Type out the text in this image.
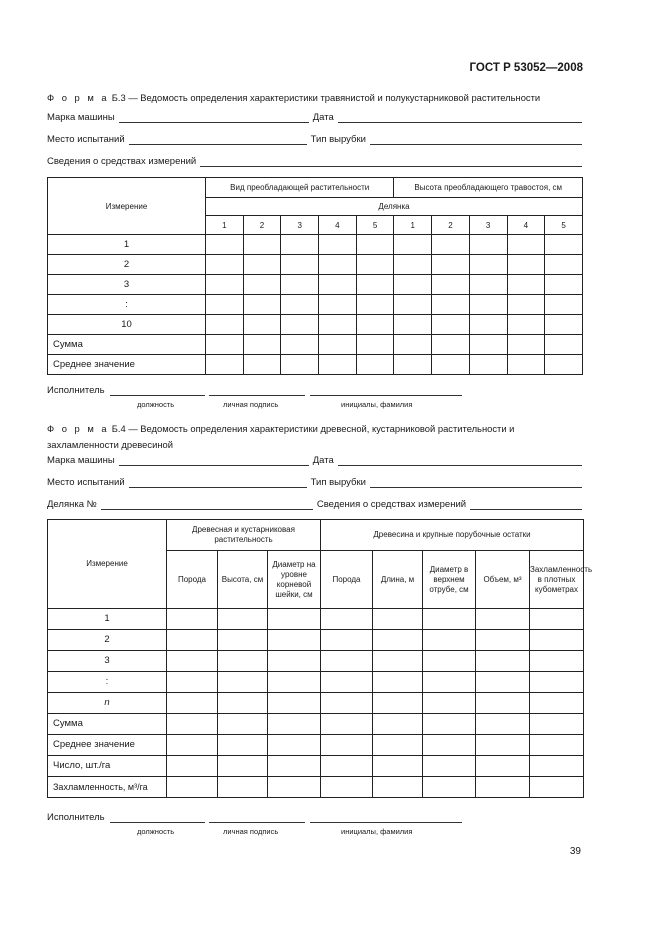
ГОСТ Р 53052—2008
Ф о р м а Б.3 — Ведомость определения характеристики травянистой и полукустарниковой растительности
Марка машины	Дата
Место испытаний	Тип вырубки
Сведения о средствах измерений
Измерение	Вид преобладающей растительности					Высота преобладающего травостоя, см				
	Делянка									
	1	2	3	4	5	1	2	3	4	5
1										
2										
3										
:										
10										
Сумма										
Среднее значение										
Исполнитель
должность	личная подпись	инициалы, фамилия
Ф о р м а Б.4 — Ведомость определения характеристики древесной, кустарниковой растительности и захламленности древесиной
Марка машины	Дата
Место испытаний	Тип вырубки
Делянка №	Сведения о средствах измерений
Измерение	Древесная и кустарниковая растительность			Древесина и крупные порубочные остатки				
	Порода	Высота, см	Диаметр на уровне корневой шейки, см	Порода	Длина, м	Диаметр в верхнем отрубе, см	Объем, м³	Захламленность в плотных кубометрах
1								
2								
3								
:								
n								
Сумма								
Среднее значение								
Число, шт./га								
Захламленность, м³/га								
Исполнитель
должность	личная подпись	инициалы, фамилия
39
